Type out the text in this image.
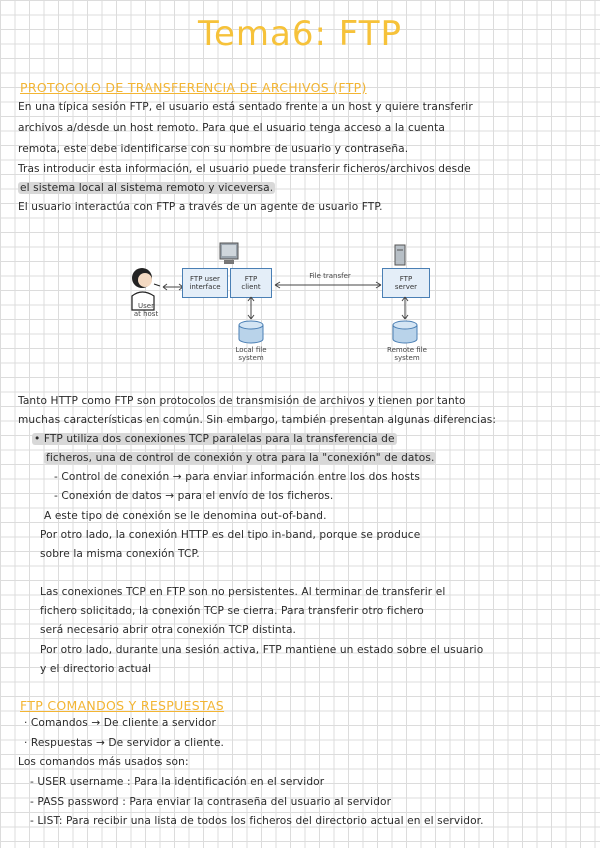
Tema6: FTP
PROTOCOLO DE TRANSFERENCIA DE ARCHIVOS (FTP)
En una típica sesión FTP, el usuario está sentado frente a un host y quiere transferir
archivos a/desde un host remoto. Para que el usuario tenga acceso a la cuenta
remota, este debe identificarse con su nombre de usuario y contraseña.
Tras introducir esta información, el usuario puede transferir ficheros/archivos desde
el sistema local al sistema remoto y viceversa.
El usuario interactúa con FTP a través de un agente de usuario FTP.
User
at host
FTP user
interface
FTP
client
File transfer	FTP
server
Local file
system
Remote file
system
Tanto HTTP como FTP son protocolos de transmisión de archivos y tienen por tanto
muchas características en común. Sin embargo, también presentan algunas diferencias:
• FTP utiliza dos conexiones TCP paralelas para la transferencia de
ficheros, una de control de conexión y otra para la "conexión" de datos.
- Control de conexión → para enviar información entre los dos hosts
- Conexión de datos → para el envío de los ficheros.
A este tipo de conexión se le denomina out-of-band.
Por otro lado, la conexión HTTP es del tipo in-band, porque se produce
sobre la misma conexión TCP.
Las conexiones TCP en FTP son no persistentes. Al terminar de transferir el
fichero solicitado, la conexión TCP se cierra. Para transferir otro fichero
será necesario abrir otra conexión TCP distinta.
Por otro lado, durante una sesión activa, FTP mantiene un estado sobre el usuario
y el directorio actual
FTP COMANDOS Y RESPUESTAS
· Comandos → De cliente a servidor
· Respuestas → De servidor a cliente.
Los comandos más usados son:
- USER username : Para la identificación en el servidor
- PASS password : Para enviar la contraseña del usuario al servidor
- LIST: Para recibir una lista de todos los ficheros del directorio actual en el servidor.
